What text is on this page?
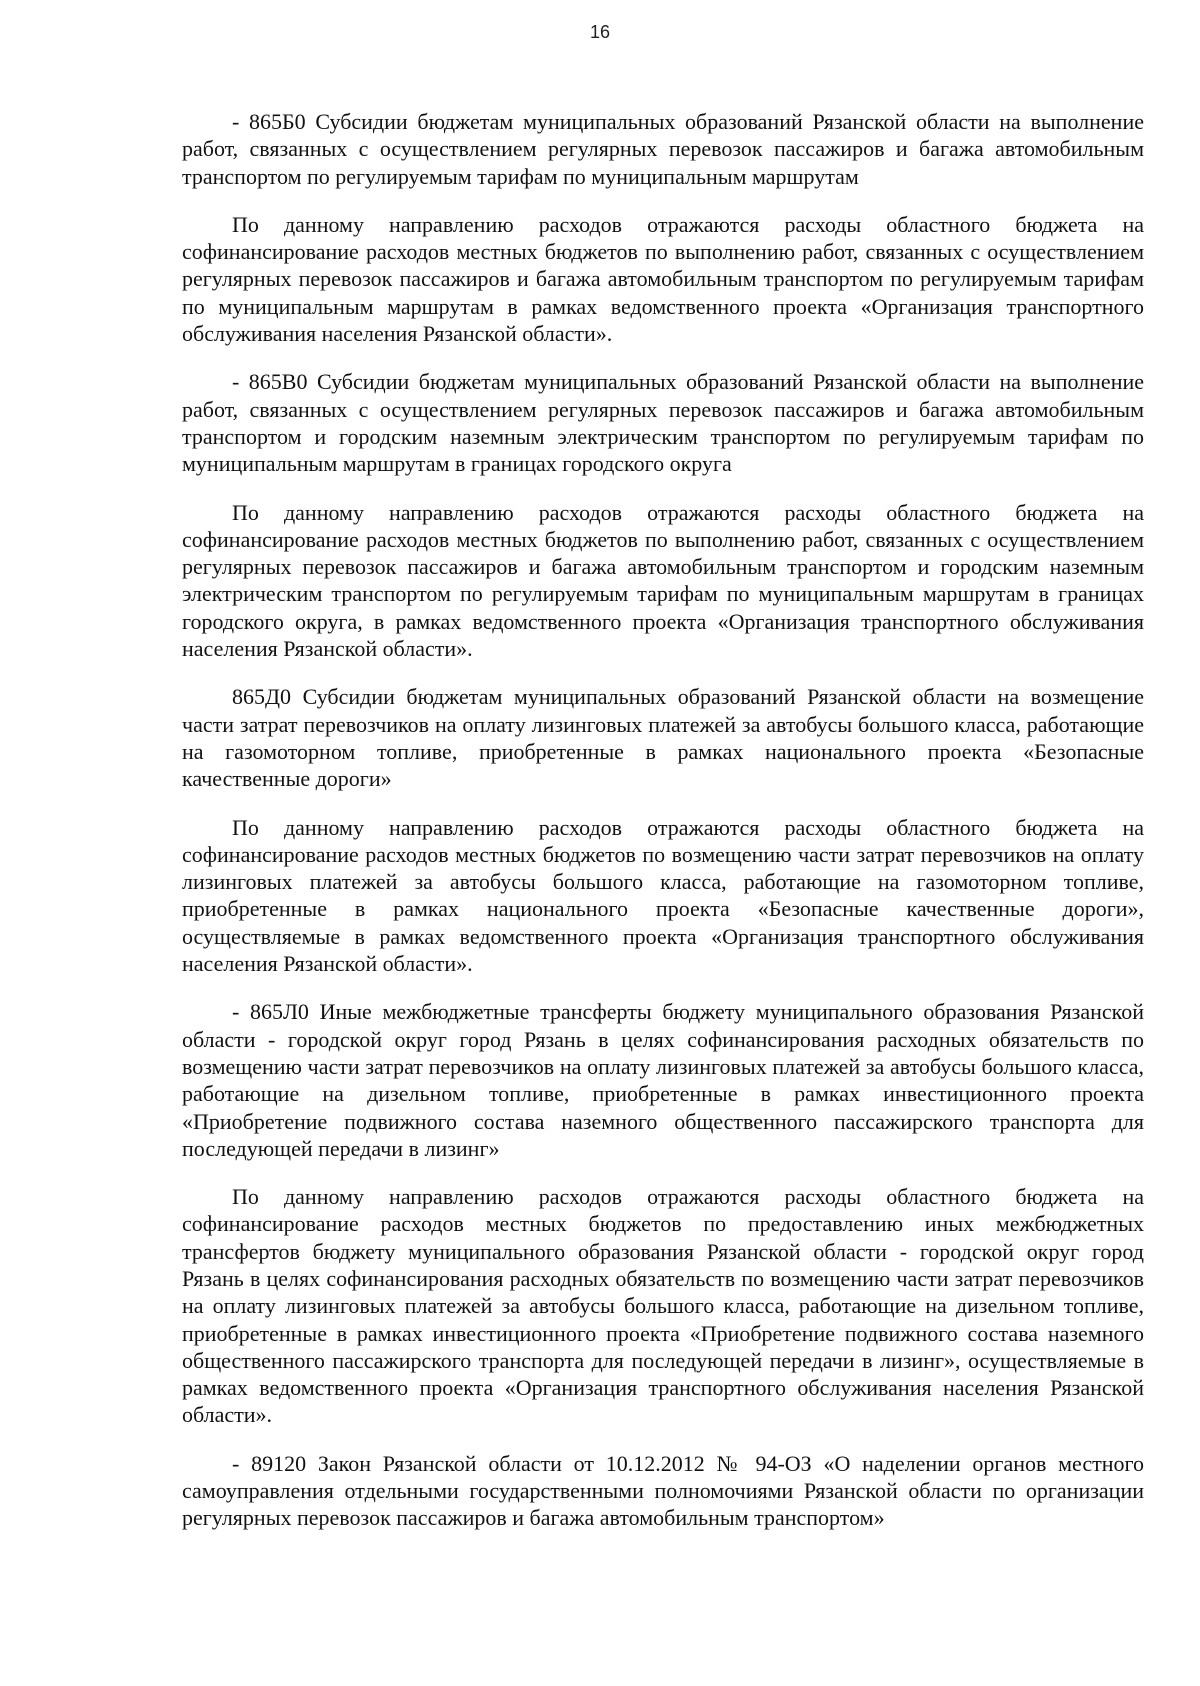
16

- 865Б0 Субсидии бюджетам муниципальных образований Рязанской области на выполнение работ, связанных с осуществлением регулярных перевозок пассажиров и багажа автомобильным транспортом по регулируемым тарифам по муниципальным маршрутам

По данному направлению расходов отражаются расходы областного бюджета на софинансирование расходов местных бюджетов по выполнению работ, связанных с осуществлением регулярных перевозок пассажиров и багажа автомобильным транспортом по регулируемым тарифам по муниципальным маршрутам в рамках ведомственного проекта «Организация транспортного обслуживания населения Рязанской области».

- 865В0 Субсидии бюджетам муниципальных образований Рязанской области на выполнение работ, связанных с осуществлением регулярных перевозок пассажиров и багажа автомобильным транспортом и городским наземным электрическим транспортом по регулируемым тарифам по муниципальным маршрутам в границах городского округа

По данному направлению расходов отражаются расходы областного бюджета на софинансирование расходов местных бюджетов по выполнению работ, связанных с осуществлением регулярных перевозок пассажиров и багажа автомобильным транспортом и городским наземным электрическим транспортом по регулируемым тарифам по муниципальным маршрутам в границах городского округа, в рамках ведомственного проекта «Организация транспортного обслуживания населения Рязанской области».

865Д0 Субсидии бюджетам муниципальных образований Рязанской области на возмещение части затрат перевозчиков на оплату лизинговых платежей за автобусы большого класса, работающие на газомоторном топливе, приобретенные в рамках национального проекта «Безопасные качественные дороги»

По данному направлению расходов отражаются расходы областного бюджета на софинансирование расходов местных бюджетов по возмещению части затрат перевозчиков на оплату лизинговых платежей за автобусы большого класса, работающие на газомоторном топливе, приобретенные в рамках национального проекта «Безопасные качественные дороги», осуществляемые в рамках ведомственного проекта «Организация транспортного обслуживания населения Рязанской области».

- 865Л0 Иные межбюджетные трансферты бюджету муниципального образования Рязанской области - городской округ город Рязань в целях софинансирования расходных обязательств по возмещению части затрат перевозчиков на оплату лизинговых платежей за автобусы большого класса, работающие на дизельном топливе, приобретенные в рамках инвестиционного проекта «Приобретение подвижного состава наземного общественного пассажирского транспорта для последующей передачи в лизинг»

По данному направлению расходов отражаются расходы областного бюджета на софинансирование расходов местных бюджетов по предоставлению иных межбюджетных трансфертов бюджету муниципального образования Рязанской области - городской округ город Рязань в целях софинансирования расходных обязательств по возмещению части затрат перевозчиков на оплату лизинговых платежей за автобусы большого класса, работающие на дизельном топливе, приобретенные в рамках инвестиционного проекта «Приобретение подвижного состава наземного общественного пассажирского транспорта для последующей передачи в лизинг», осуществляемые в рамках ведомственного проекта «Организация транспортного обслуживания населения Рязанской области».

- 89120 Закон Рязанской области от 10.12.2012 № 94-ОЗ «О наделении органов местного самоуправления отдельными государственными полномочиями Рязанской области по организации регулярных перевозок пассажиров и багажа автомобильным транспортом»
